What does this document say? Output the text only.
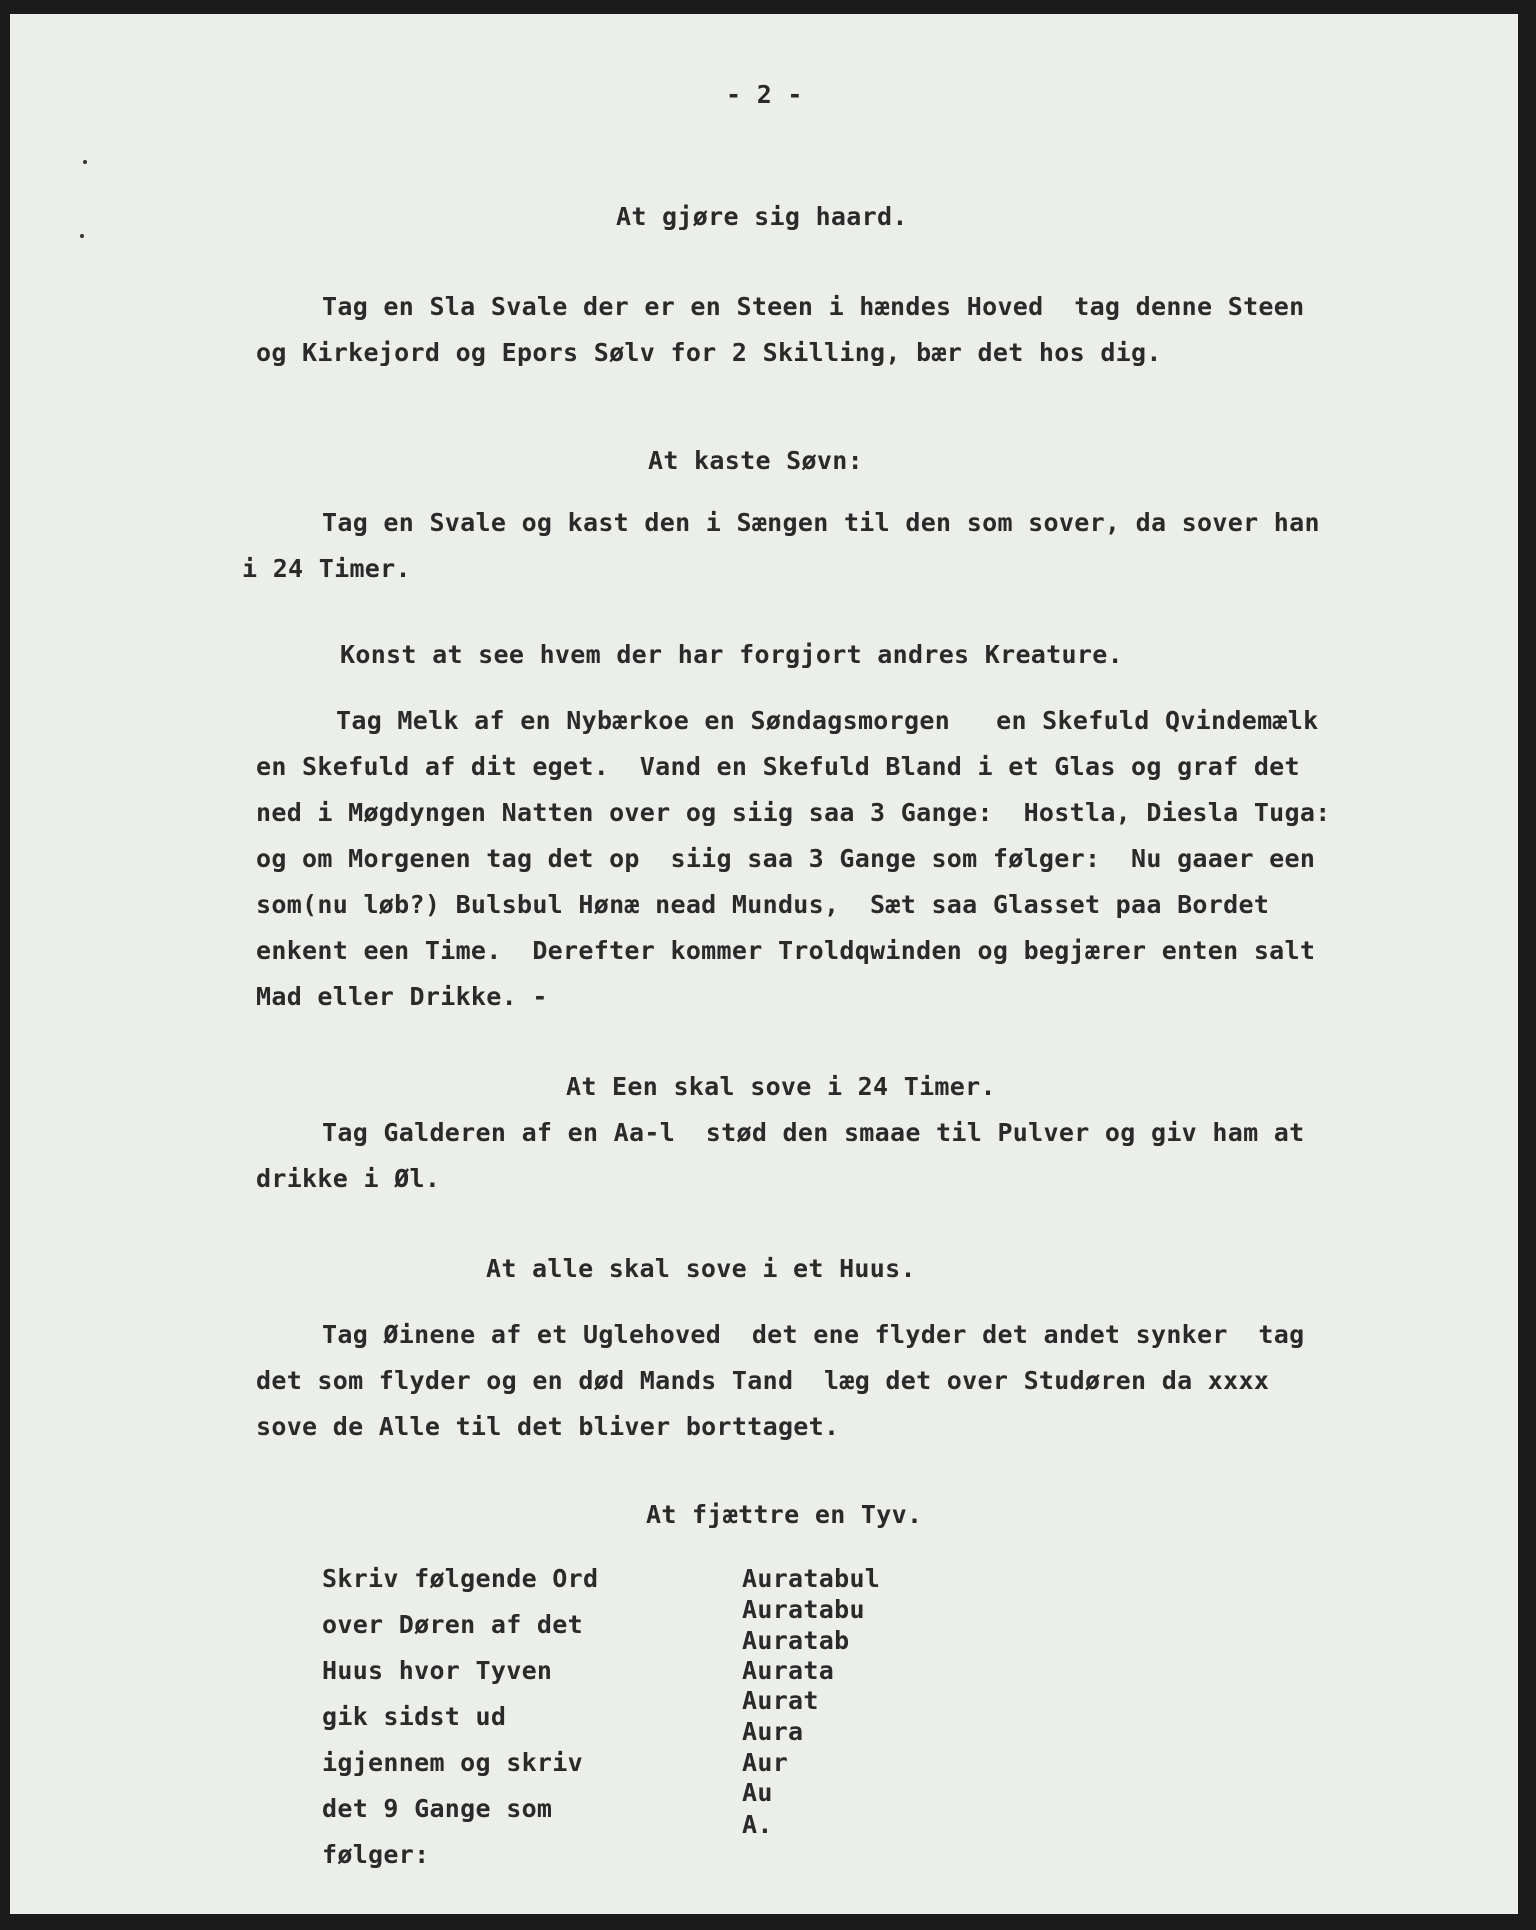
- 2 -
At gjøre sig haard.
Tag en Sla Svale der er en Steen i hændes Hoved  tag denne Steen
og Kirkejord og Epors Sølv for 2 Skilling, bær det hos dig.
At kaste Søvn:
Tag en Svale og kast den i Sængen til den som sover, da sover han
i 24 Timer.
Konst at see hvem der har forgjort andres Kreature.
Tag Melk af en Nybærkoe en Søndagsmorgen   en Skefuld Qvindemælk
en Skefuld af dit eget.  Vand en Skefuld Bland i et Glas og graf det
ned i Møgdyngen Natten over og siig saa 3 Gange:  Hostla, Diesla Tuga:
og om Morgenen tag det op  siig saa 3 Gange som følger:  Nu gaaer een
som(nu løb?) Bulsbul Hønæ nead Mundus,  Sæt saa Glasset paa Bordet
enkent een Time.  Derefter kommer Troldqwinden og begjærer enten salt
Mad eller Drikke. -
At Een skal sove i 24 Timer.
Tag Galderen af en Aa-l  stød den smaae til Pulver og giv ham at
drikke i Øl.
At alle skal sove i et Huus.
Tag Øinene af et Uglehoved  det ene flyder det andet synker  tag
det som flyder og en død Mands Tand  læg det over Studøren da xxxx
sove de Alle til det bliver borttaget.
At fjættre en Tyv.
Skriv følgende Ord
over Døren af det
Huus hvor Tyven
gik sidst ud
igjennem og skriv
det 9 Gange som
følger:
Auratabul
Auratabu
Auratab
Aurata
Aurat
Aura
Aur
Au
A.
